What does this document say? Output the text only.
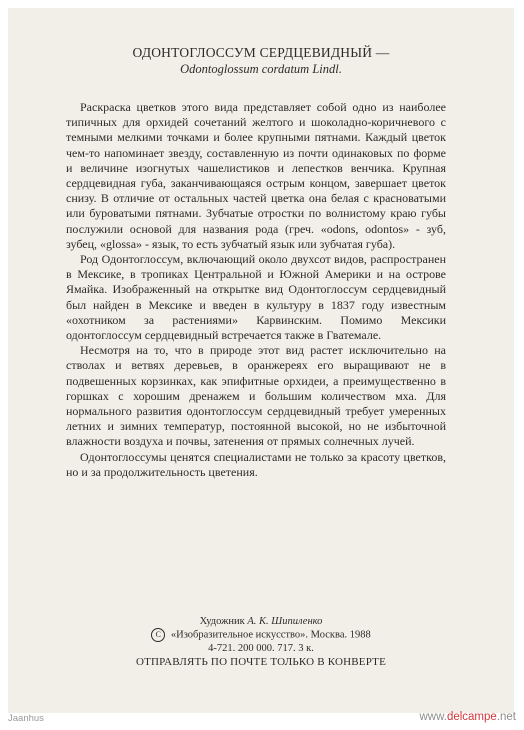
ОДОНТОГЛОССУМ СЕРДЦЕВИДНЫЙ —
Odontoglossum cordatum Lindl.

Раскраска цветков этого вида представляет собой одно из наиболее типичных для орхидей сочетаний желтого и шоколадно-коричневого с темными мелкими точками и более крупными пятнами. Каждый цветок чем-то напоминает звезду, составленную из почти одинаковых по форме и величине изогнутых чашелистиков и лепестков венчика. Крупная сердцевидная губа, заканчивающаяся острым концом, завершает цветок снизу. В отличие от остальных частей цветка она белая с красноватыми или буроватыми пятнами. Зубчатые отростки по волнистому краю губы послужили основой для названия рода (греч. «odons, odontos» - зуб, зубец, «glossa» - язык, то есть зубчатый язык или зубчатая губа).

Род Одонтоглоссум, включающий около двухсот видов, распространен в Мексике, в тропиках Центральной и Южной Америки и на острове Ямайка. Изображенный на открытке вид Одонтоглоссум сердцевидный был найден в Мексике и введен в культуру в 1837 году известным «охотником за растениями» Карвинским. Помимо Мексики одонтоглоссум сердцевидный встречается также в Гватемале.

Несмотря на то, что в природе этот вид растет исключительно на стволах и ветвях деревьев, в оранжереях его выращивают не в подвешенных корзинках, как эпифитные орхидеи, а преимущественно в горшках с хорошим дренажем и большим количеством мха. Для нормального развития одонтоглоссум сердцевидный требует умеренных летних и зимних температур, постоянной высокой, но не избыточной влажности воздуха и почвы, затенения от прямых солнечных лучей.

Одонтоглоссумы ценятся специалистами не только за красоту цветков, но и за продолжительность цветения.

Художник А. К. Шипиленко
С «Изобразительное искусство». Москва. 1988
4-721. 200 000. 717. 3 к.
ОТПРАВЛЯТЬ ПО ПОЧТЕ ТОЛЬКО В КОНВЕРТЕ
Jaanhus	www.delcampe.net
